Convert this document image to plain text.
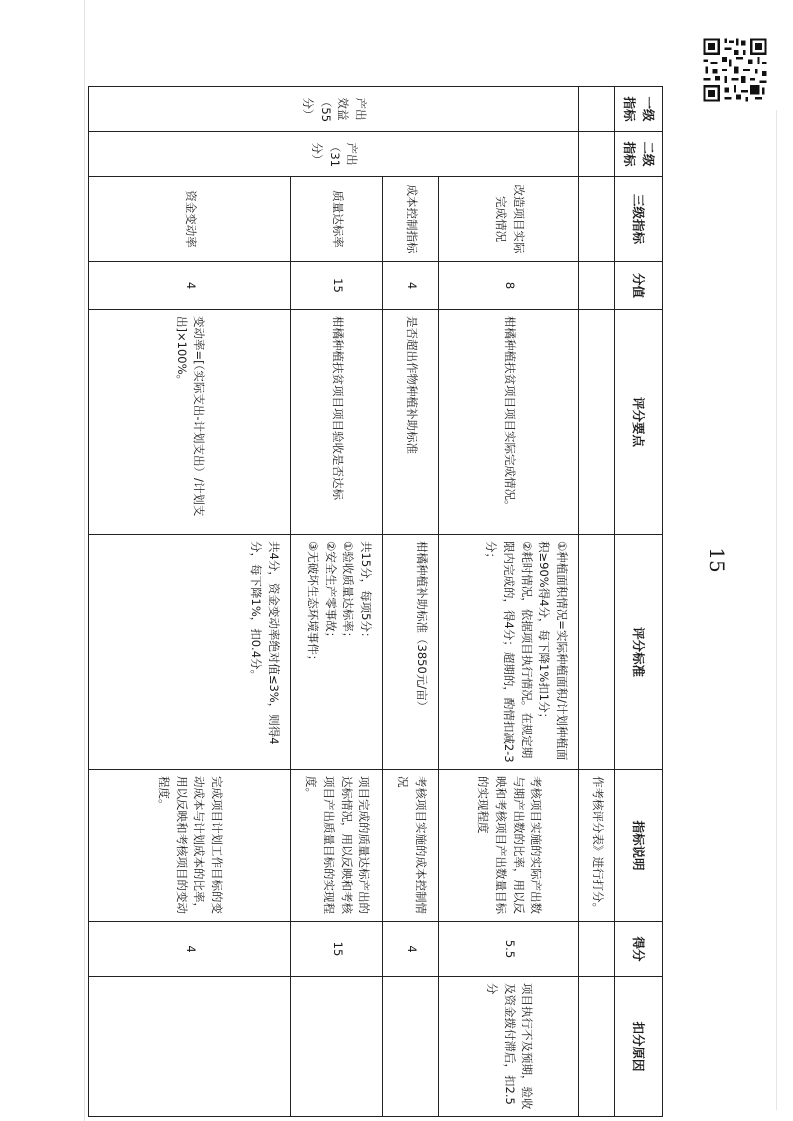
一级指标	二级指标	三级指标	分值	评分要点	评分标准	指标说明	得分	扣分原因
						作考核评分表》进行打分。		
产出效益（55分）	产出（31分）	改造项目实际完成情况	8	柑橘种植扶贫项目项目实际完成情况。	①种植面积情况=实际种植面积/计划种植面积≥90%得4分，每下降1%扣1分；
②耗时情况，依据项目执行情况。在规定期限内完成的，得4分；超期的，酌情扣减2-3分；	考核项目实施的实际产出数与期产出数的比率，用以反映和考核项目产出数量目标的实现程度	5.5	项目执行不及预期，验收及资金拨付滞后，扣2.5分
		成本控制指标	4	是否超出作物种植补助标准	柑橘种植补助标准（3850元/亩）	考核项目实施的成本控制情况	4	
		质量达标率	15	柑橘种植扶贫项目项目验收是否达标	共15分，每项5分：
①验收质量达标率；
②安全生产零事故；
③无破坏生态环境事件；	项目完成的质量达标产出的达标情况，用以反映和考核项目产出质量目标的实现程度。	15	
		资金变动率	4	变动率=[（实际支出-计划支出）/计划支出]×100%。	共4分，资金变动率绝对值≤3%，则得4分，每下降1%，扣0.4分。	完成项目计划工作目标的变动成本与计划成本的比率，用以反映和考核项目的变动程度。	4	
15
